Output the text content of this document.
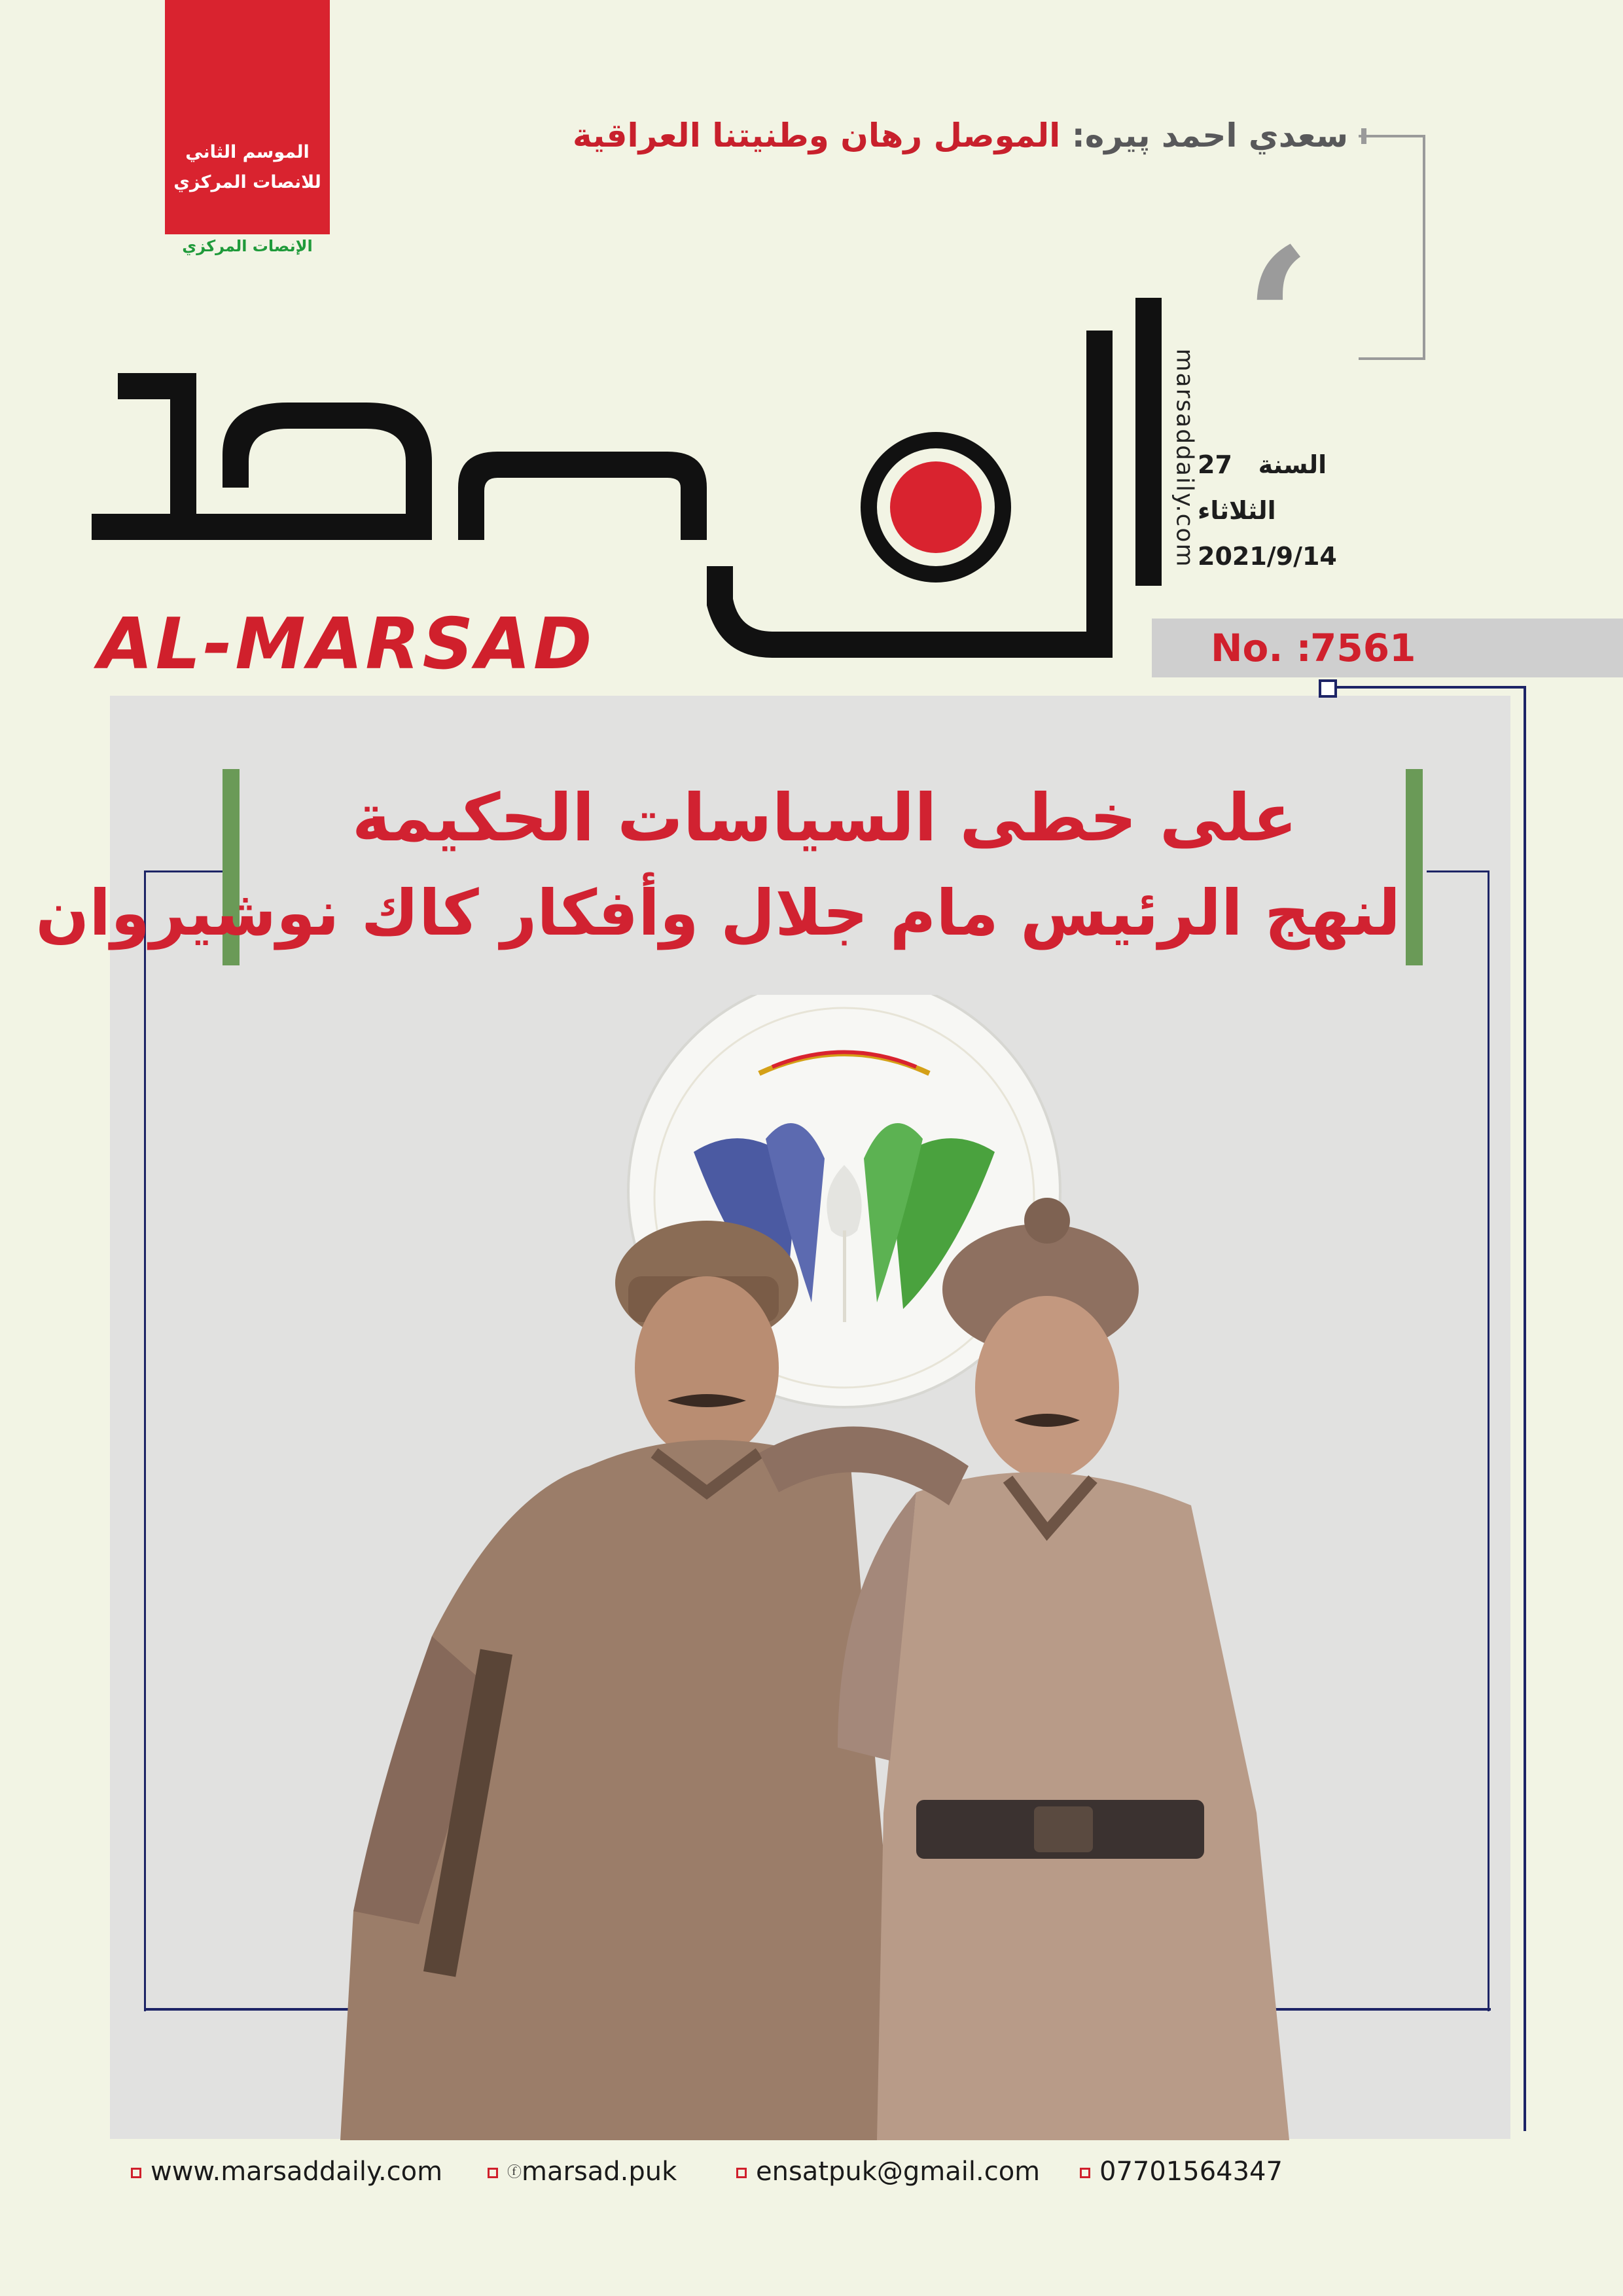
الموسم الثاني
للانصات المركزي
الإنصات المركزي
سعدي احمد پيره: الموصل رهان وطنيتنا العراقية
‘
AL-MARSAD
marsaddaily.com	السنة   27
الثلاثاء
2021/9/14
No. :
7561
على خطى السياسات الحكيمة
لنهج الرئيس مام جلال وأفكار كاك نوشيروان
www.marsaddaily.com	ⓕmarsad.puk	ensatpuk@gmail.com	07701564347
